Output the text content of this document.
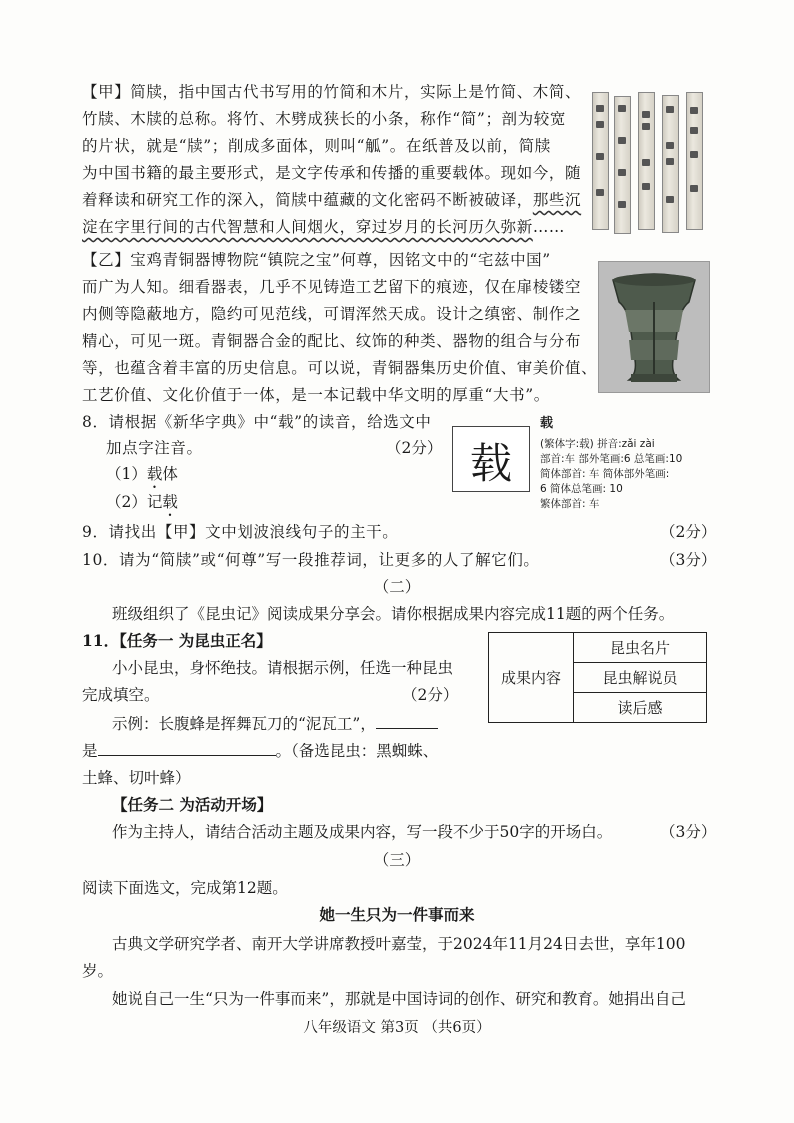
【甲】简牍，指中国古代书写用的竹简和木片，实际上是竹简、木简、
竹牍、木牍的总称。将竹、木劈成狭长的小条，称作“简”；剖为较宽
的片状，就是“牍”；削成多面体，则叫“觚”。在纸普及以前，简牍
为中国书籍的最主要形式，是文字传承和传播的重要载体。现如今，随
着释读和研究工作的深入，简牍中蕴藏的文化密码不断被破译，那些沉
淀在字里行间的古代智慧和人间烟火，穿过岁月的长河历久弥新……
【乙】宝鸡青铜器博物院“镇院之宝”何尊，因铭文中的“宅兹中国”
而广为人知。细看器表，几乎不见铸造工艺留下的痕迹，仅在扉棱镂空
内侧等隐蔽地方，隐约可见范线，可谓浑然天成。设计之缜密、制作之
精心，可见一斑。青铜器合金的配比、纹饰的种类、器物的组合与分布
等，也蕴含着丰富的历史信息。可以说，青铜器集历史价值、审美价值、
工艺价值、文化价值于一体，是一本记载中华文明的厚重“大书”。
8．请根据《新华字典》中“载”的读音，给选文中
加点字注音。	（2分）
（1）载体
（2）记载
载
载
(繁体字:载) 拼音:zǎi zài
部首:车 部外笔画:6 总笔画:10
简体部首: 车 简体部外笔画:
6 简体总笔画: 10
繁体部首: 车
9．请找出【甲】文中划波浪线句子的主干。	（2分）
10．请为“简牍”或“何尊”写一段推荐词，让更多的人了解它们。	（3分）
（二）
班级组织了《昆虫记》阅读成果分享会。请你根据成果内容完成11题的两个任务。
11．【任务一 为昆虫正名】
小小昆虫，身怀绝技。请根据示例，任选一种昆虫
完成填空。	（2分）
示例：长腹蜂是挥舞瓦刀的“泥瓦工”，
是	。（备选昆虫：黑蜘蛛、
土蜂、切叶蜂）
【任务二 为活动开场】
作为主持人，请结合活动主题及成果内容，写一段不少于50字的开场白。	（3分）
成果内容	昆虫名片
昆虫解说员
读后感
（三）
阅读下面选文，完成第12题。
她一生只为一件事而来
古典文学研究学者、南开大学讲席教授叶嘉莹，于2024年11月24日去世，享年100
岁。
她说自己一生“只为一件事而来”，那就是中国诗词的创作、研究和教育。她捐出自己
八年级语文 第3页 （共6页）
